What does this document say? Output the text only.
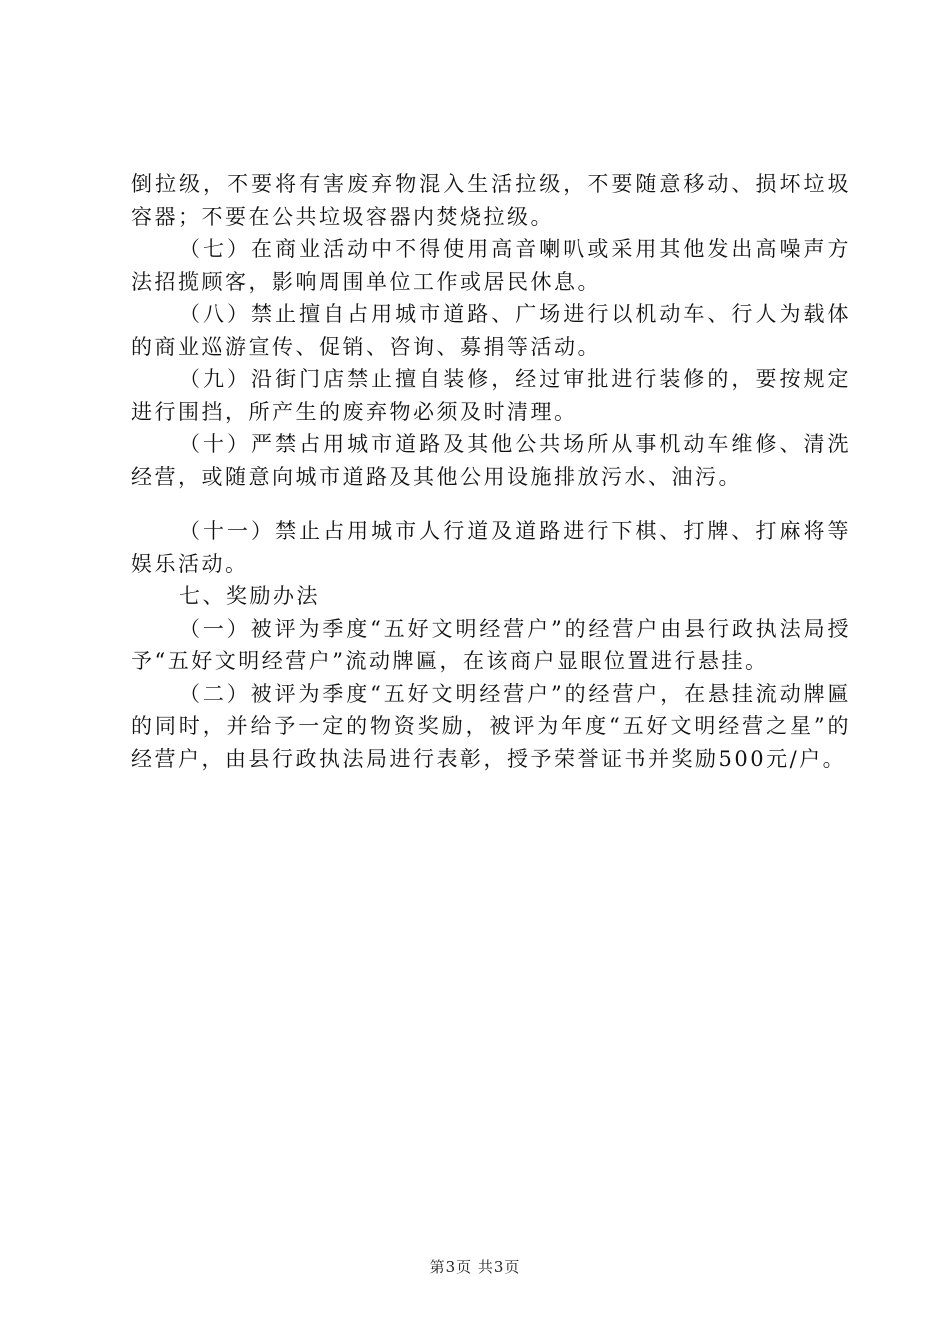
倒拉级，不要将有害废弃物混入生活拉级，不要随意移动、损坏垃圾容器；不要在公共垃圾容器内焚烧拉级。

（七）在商业活动中不得使用高音喇叭或采用其他发出高噪声方法招揽顾客，影响周围单位工作或居民休息。

（八）禁止擅自占用城市道路、广场进行以机动车、行人为载体的商业巡游宣传、促销、咨询、募捐等活动。

（九）沿街门店禁止擅自装修，经过审批进行装修的，要按规定进行围挡，所产生的废弃物必须及时清理。

（十）严禁占用城市道路及其他公共场所从事机动车维修、清洗经营，或随意向城市道路及其他公用设施排放污水、油污。

（十一）禁止占用城市人行道及道路进行下棋、打牌、打麻将等娱乐活动。

七、奖励办法

（一）被评为季度“五好文明经营户”的经营户由县行政执法局授予“五好文明经营户”流动牌匾，在该商户显眼位置进行悬挂。

（二）被评为季度“五好文明经营户”的经营户，在悬挂流动牌匾的同时，并给予一定的物资奖励，被评为年度“五好文明经营之星”的经营户，由县行政执法局进行表彰，授予荣誉证书并奖励500元/户。

第3页 共3页
